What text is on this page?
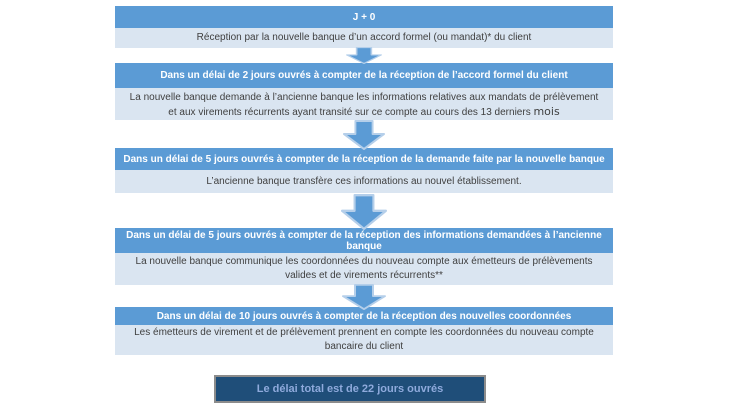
J + 0
Réception par la nouvelle banque d’un accord formel (ou mandat)* du client
Dans un délai de 2 jours ouvrés à compter de la réception de l’accord formel du client
La nouvelle banque demande à l’ancienne banque les informations relatives aux mandats de prélèvement et aux virements récurrents ayant transité sur ce compte au cours des 13 derniers mois
Dans un délai de 5 jours ouvrés à compter de la réception de la demande faite par la nouvelle banque
L’ancienne banque transfère ces informations au nouvel établissement.
Dans un délai de 5 jours ouvrés à compter de la réception des informations demandées à l’ancienne banque
La nouvelle banque communique les coordonnées du nouveau compte aux émetteurs de prélèvements valides et de virements récurrents**
Dans un délai de 10 jours ouvrés à compter de la réception des nouvelles coordonnées
Les émetteurs de virement et de prélèvement prennent en compte les coordonnées du nouveau compte bancaire du client
Le délai total est de 22 jours ouvrés
